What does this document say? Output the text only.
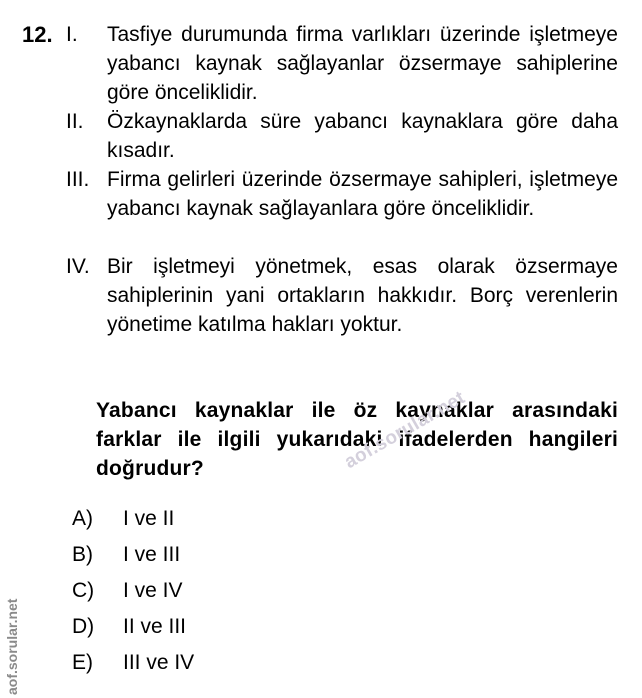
12. I. Tasfiye durumunda firma varlıkları üzerinde işletmeye yabancı kaynak sağlayanlar özsermaye sahiplerine göre önceliklidir.
II. Özkaynaklarda süre yabancı kaynaklara göre daha kısadır.
III. Firma gelirleri üzerinde özsermaye sahipleri, işletmeye yabancı kaynak sağlayanlara göre önceliklidir.
IV. Bir işletmeyi yönetmek, esas olarak özsermaye sahiplerinin yani ortakların hakkıdır. Borç verenlerin yönetime katılma hakları yoktur.
Yabancı kaynaklar ile öz kaynaklar arasındaki farklar ile ilgili yukarıdaki ifadelerden hangileri doğrudur?	aof.sorular.net
A) I ve II
B) I ve III
C) I ve IV
D) II ve III
E) III ve IV
aof.sorular.net
